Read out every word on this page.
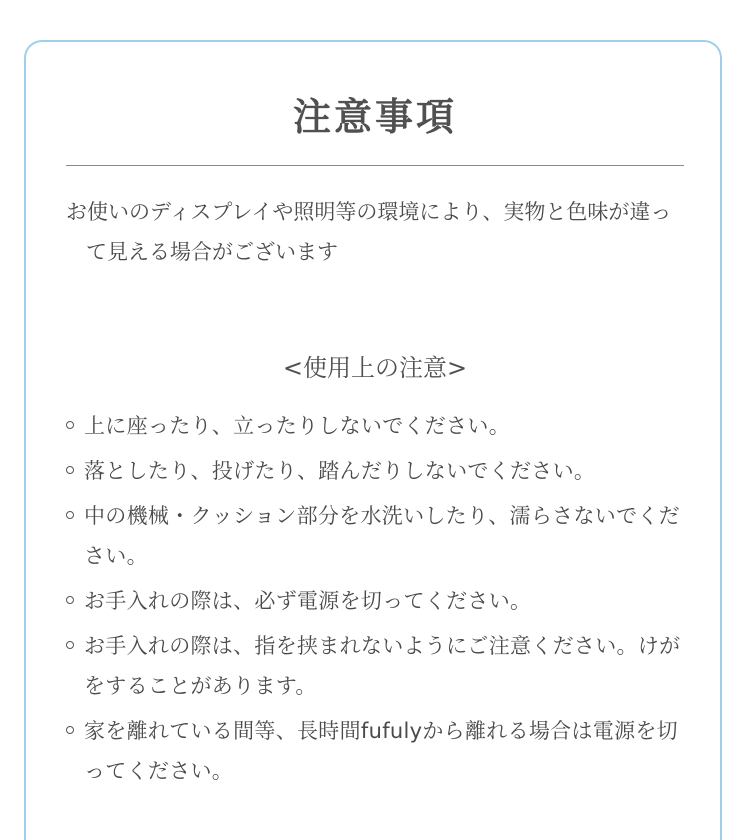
注意事項
お使いのディスプレイや照明等の環境により、実物と色味が違って見える場合がございます
<使用上の注意>
上に座ったり、立ったりしないでください。
落としたり、投げたり、踏んだりしないでください。
中の機械・クッション部分を水洗いしたり、濡らさないでください。
お手入れの際は、必ず電源を切ってください。
お手入れの際は、指を挟まれないようにご注意ください。けがをすることがあります。
家を離れている間等、長時間fufulyから離れる場合は電源を切ってください。
